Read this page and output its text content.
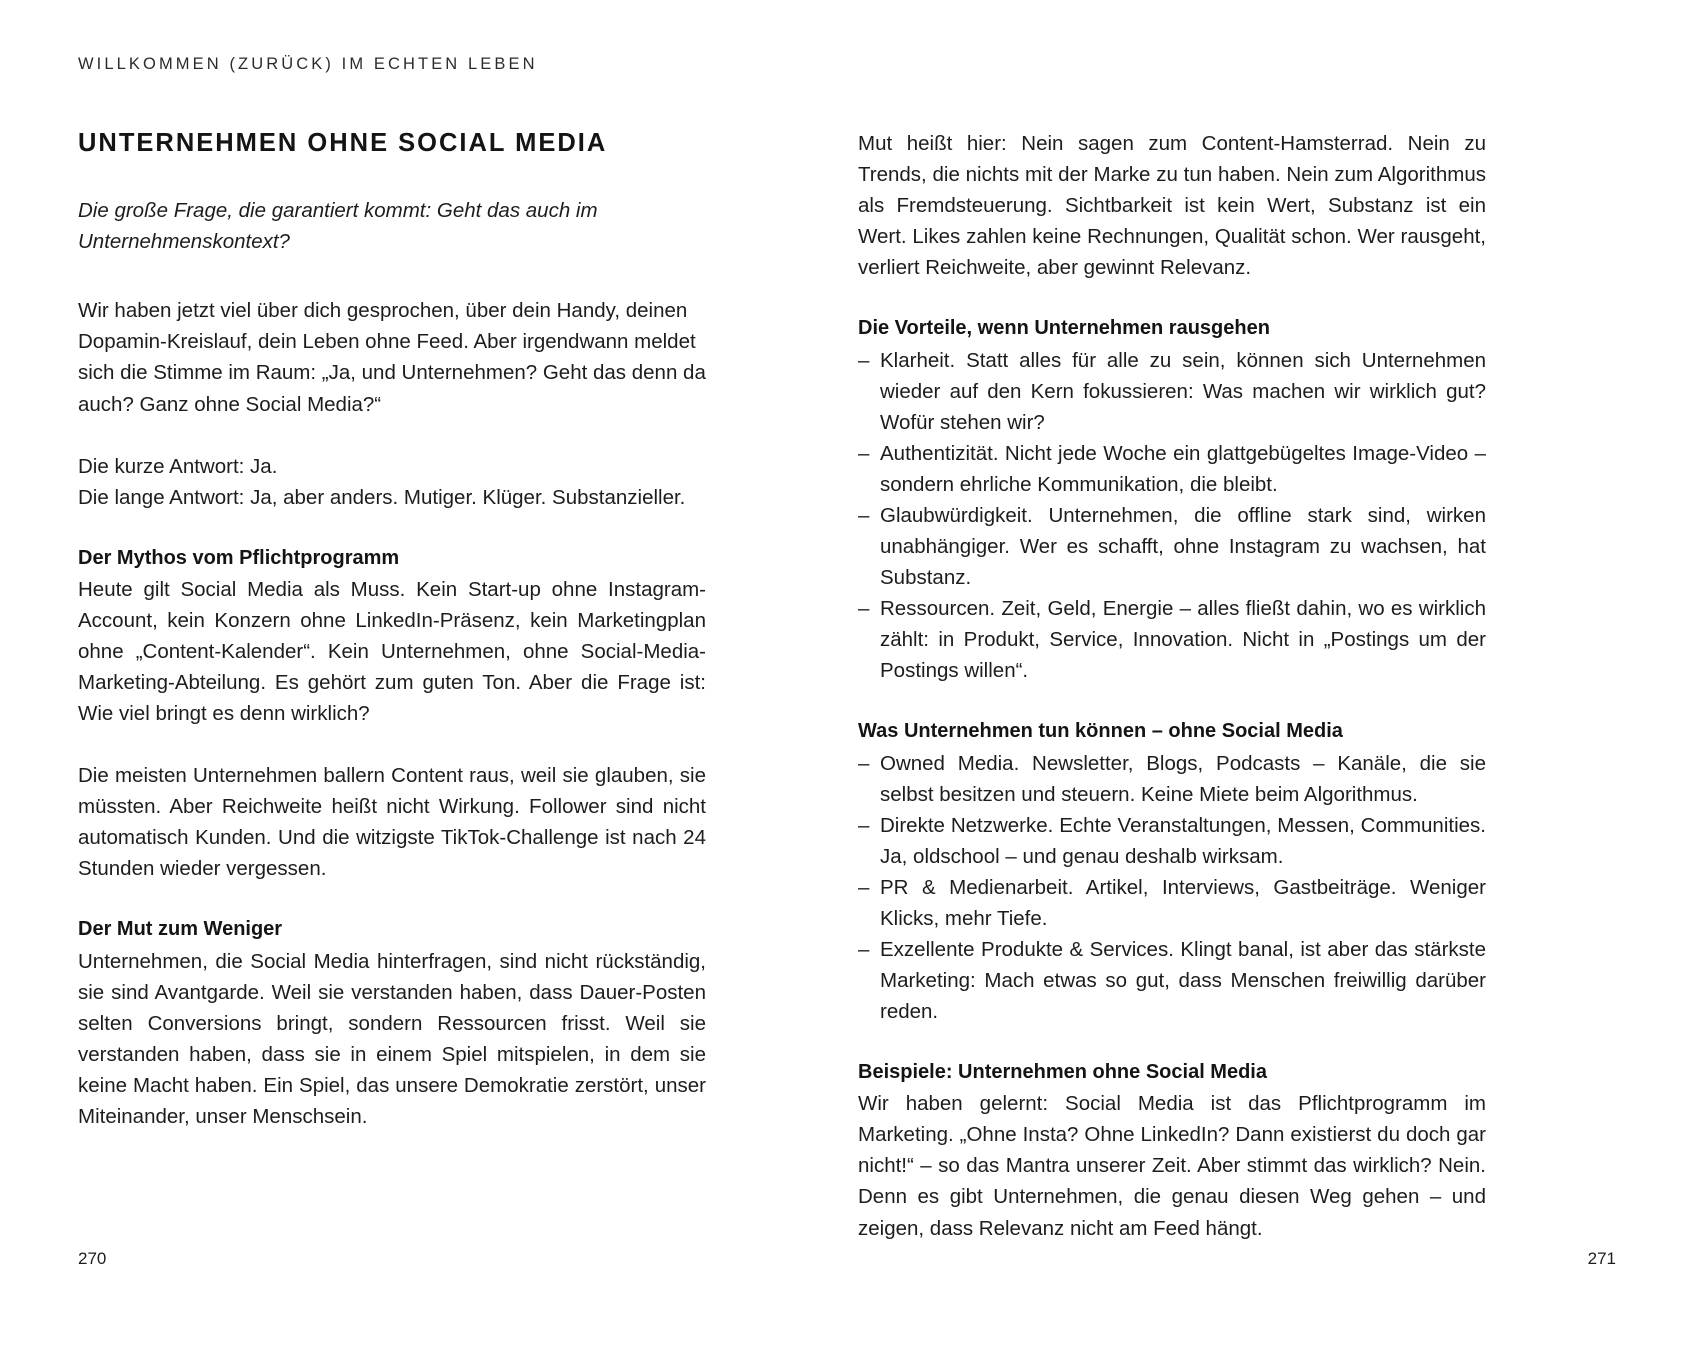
WILLKOMMEN (ZURÜCK) IM ECHTEN LEBEN
UNTERNEHMEN OHNE SOCIAL MEDIA

Die große Frage, die garantiert kommt: Geht das auch im Unternehmenskontext?

Wir haben jetzt viel über dich gesprochen, über dein Handy, deinen Dopamin-Kreislauf, dein Leben ohne Feed. Aber irgendwann meldet sich die Stimme im Raum: „Ja, und Unternehmen? Geht das denn da auch? Ganz ohne Social Media?“

Die kurze Antwort: Ja.

Die lange Antwort: Ja, aber anders. Mutiger. Klüger. Substanzieller.

Der Mythos vom Pflichtprogramm

Heute gilt Social Media als Muss. Kein Start-up ohne Instagram-Account, kein Konzern ohne LinkedIn-Präsenz, kein Marketingplan ohne „Content-Kalender“. Kein Unternehmen, ohne Social-Media-Marketing-Abteilung. Es gehört zum guten Ton. Aber die Frage ist: Wie viel bringt es denn wirklich?

Die meisten Unternehmen ballern Content raus, weil sie glauben, sie müssten. Aber Reichweite heißt nicht Wirkung. Follower sind nicht automatisch Kunden. Und die witzigste TikTok-Challenge ist nach 24 Stunden wieder vergessen.

Der Mut zum Weniger

Unternehmen, die Social Media hinterfragen, sind nicht rückständig, sie sind Avantgarde. Weil sie verstanden haben, dass Dauer-Posten selten Conversions bringt, sondern Ressourcen frisst. Weil sie verstanden haben, dass sie in einem Spiel mitspielen, in dem sie keine Macht haben. Ein Spiel, das unsere Demokratie zerstört, unser Miteinander, unser Menschsein.

Mut heißt hier: Nein sagen zum Content-Hamsterrad. Nein zu Trends, die nichts mit der Marke zu tun haben. Nein zum Algorithmus als Fremdsteuerung. Sichtbarkeit ist kein Wert, Substanz ist ein Wert. Likes zahlen keine Rechnungen, Qualität schon. Wer rausgeht, verliert Reichweite, aber gewinnt Relevanz.

Die Vorteile, wenn Unternehmen rausgehen
– Klarheit. Statt alles für alle zu sein, können sich Unternehmen wieder auf den Kern fokussieren: Was machen wir wirklich gut? Wofür stehen wir?
– Authentizität. Nicht jede Woche ein glattgebügeltes Image-Video – sondern ehrliche Kommunikation, die bleibt.
– Glaubwürdigkeit. Unternehmen, die offline stark sind, wirken unabhängiger. Wer es schafft, ohne Instagram zu wachsen, hat Substanz.
– Ressourcen. Zeit, Geld, Energie – alles fließt dahin, wo es wirklich zählt: in Produkt, Service, Innovation. Nicht in „Postings um der Postings willen“.
Was Unternehmen tun können – ohne Social Media
– Owned Media. Newsletter, Blogs, Podcasts – Kanäle, die sie selbst besitzen und steuern. Keine Miete beim Algorithmus.
– Direkte Netzwerke. Echte Veranstaltungen, Messen, Communities. Ja, oldschool – und genau deshalb wirksam.
– PR & Medienarbeit. Artikel, Interviews, Gastbeiträge. Weniger Klicks, mehr Tiefe.
– Exzellente Produkte & Services. Klingt banal, ist aber das stärkste Marketing: Mach etwas so gut, dass Menschen freiwillig darüber reden.
Beispiele: Unternehmen ohne Social Media

Wir haben gelernt: Social Media ist das Pflichtprogramm im Marketing. „Ohne Insta? Ohne LinkedIn? Dann existierst du doch gar nicht!“ – so das Mantra unserer Zeit. Aber stimmt das wirklich? Nein. Denn es gibt Unternehmen, die genau diesen Weg gehen – und zeigen, dass Relevanz nicht am Feed hängt.

270	271
